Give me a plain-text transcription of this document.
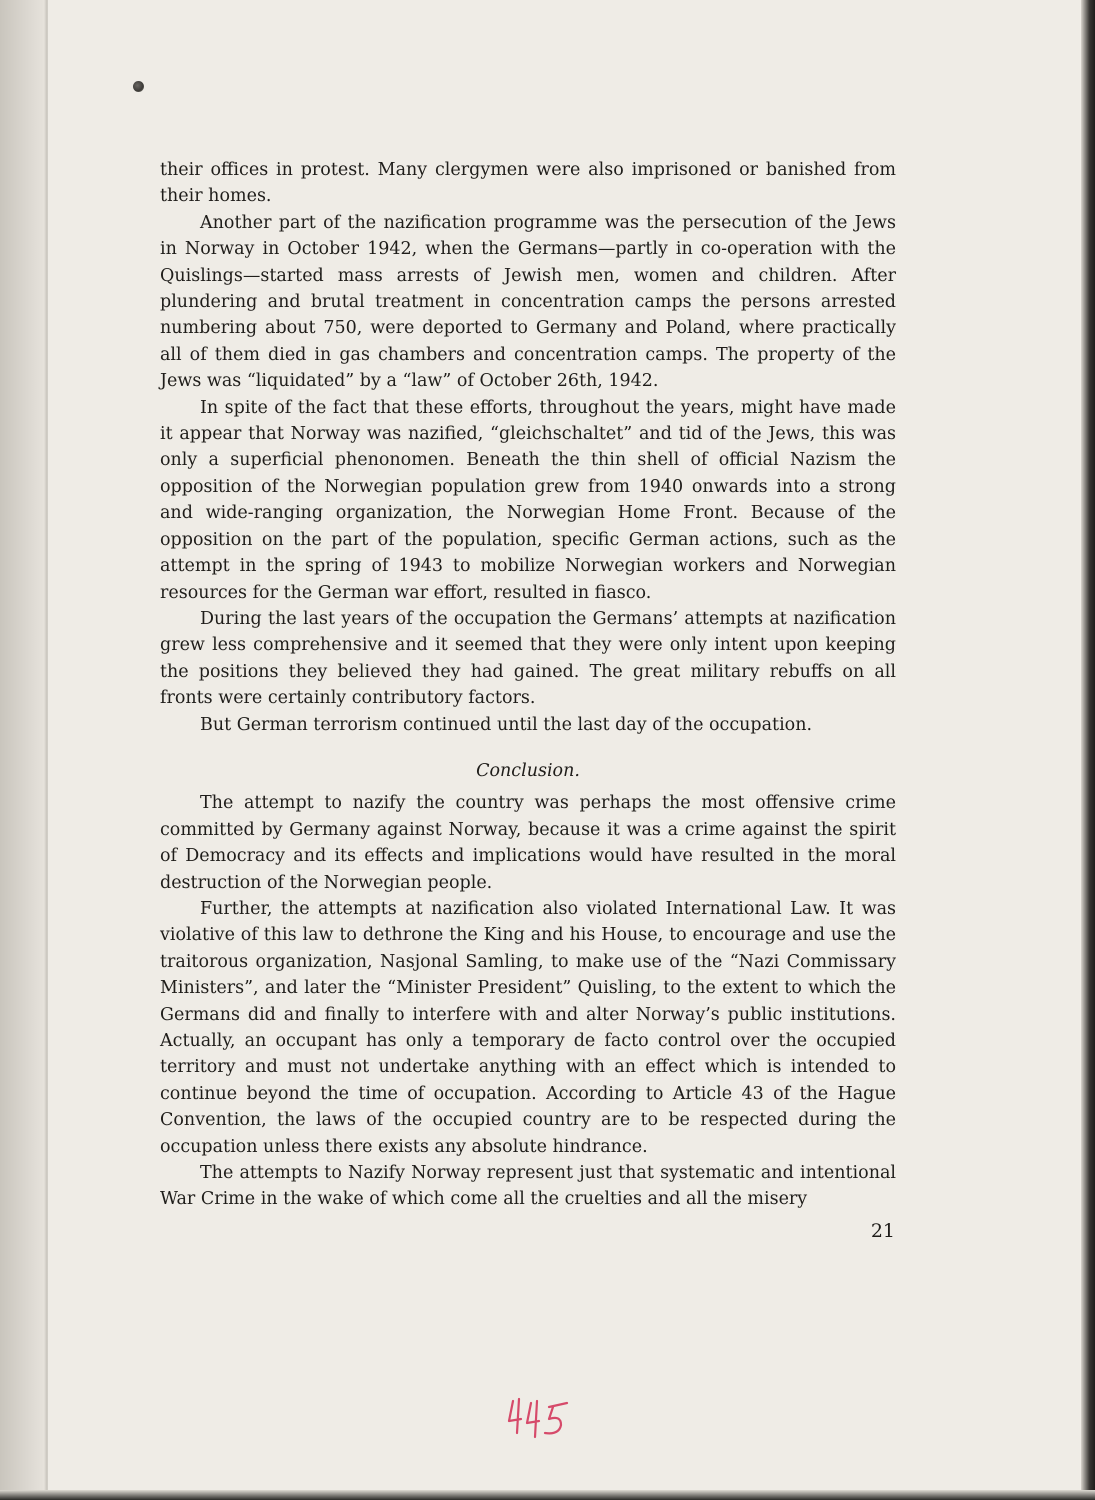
their offices in protest. Many clergymen were also imprisoned or banished from their homes.

Another part of the nazification programme was the persecution of the Jews in Norway in October 1942, when the Germans—partly in co-operation with the Quislings—started mass arrests of Jewish men, women and children. After plundering and brutal treatment in concentration camps the persons arrested numbering about 750, were deported to Germany and Poland, where practically all of them died in gas chambers and concentration camps. The property of the Jews was “liquidated” by a “law” of October 26th, 1942.

In spite of the fact that these efforts, throughout the years, might have made it appear that Norway was nazified, “gleichschaltet” and tid of the Jews, this was only a superficial phenonomen. Beneath the thin shell of official Nazism the opposition of the Norwegian population grew from 1940 onwards into a strong and wide-ranging organization, the Norwegian Home Front. Because of the opposition on the part of the population, specific German actions, such as the attempt in the spring of 1943 to mobilize Norwegian workers and Norwegian resources for the German war effort, resulted in fiasco.

During the last years of the occupation the Germans’ attempts at nazification grew less comprehensive and it seemed that they were only intent upon keeping the positions they believed they had gained. The great military rebuffs on all fronts were certainly contributory factors.

But German terrorism continued until the last day of the occupation.

Conclusion.

The attempt to nazify the country was perhaps the most offensive crime committed by Germany against Norway, because it was a crime against the spirit of Democracy and its effects and implications would have resulted in the moral destruction of the Norwegian people.

Further, the attempts at nazification also violated International Law. It was violative of this law to dethrone the King and his House, to encourage and use the traitorous organization, Nasjonal Samling, to make use of the “Nazi Commissary Ministers”, and later the “Minister President” Quisling, to the extent to which the Germans did and finally to interfere with and alter Norway’s public institutions. Actually, an occupant has only a temporary de facto control over the occupied territory and must not undertake anything with an effect which is intended to continue beyond the time of occupation. According to Article 43 of the Hague Convention, the laws of the occupied country are to be respected during the occupation unless there exists any absolute hindrance.

The attempts to Nazify Norway represent just that systematic and intentional War Crime in the wake of which come all the cruelties and all the misery

21
